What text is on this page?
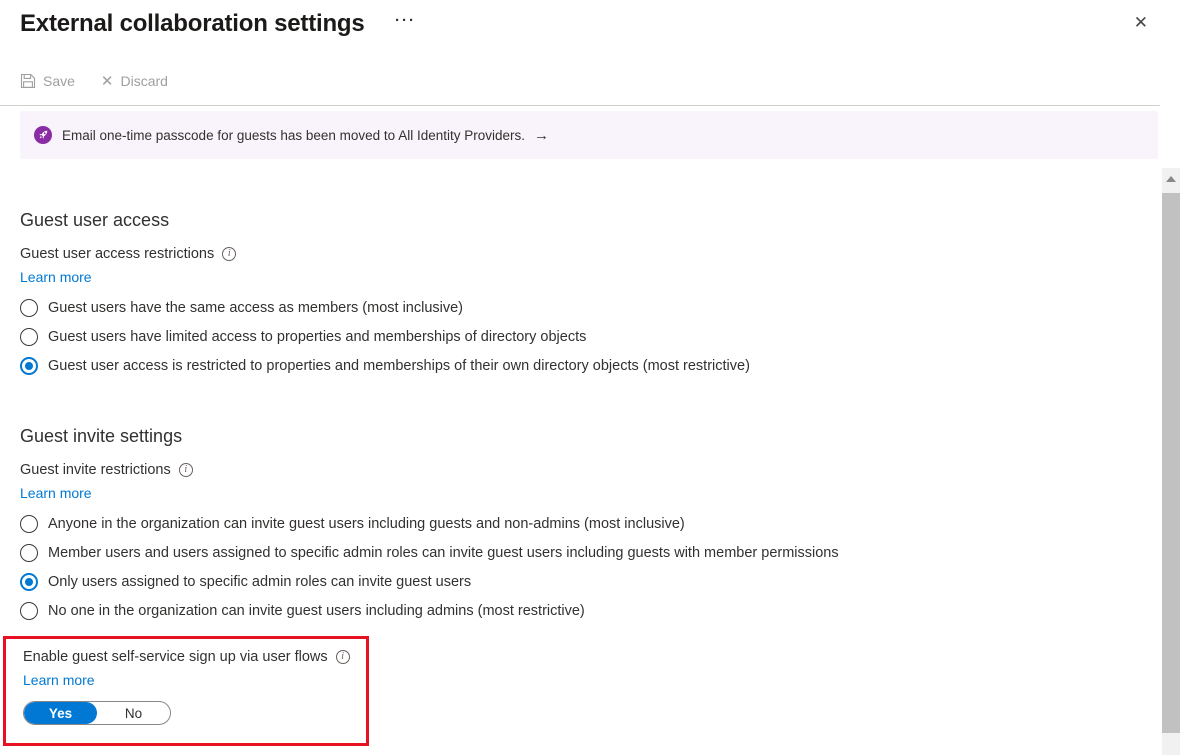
External collaboration settings ···	✕
Save ✕ Discard
Email one-time passcode for guests has been moved to All Identity Providers. →
Guest user access
Guest user access restrictions	i
Learn more
Guest users have the same access as members (most inclusive)
Guest users have limited access to properties and memberships of directory objects
Guest user access is restricted to properties and memberships of their own directory objects (most restrictive)
Guest invite settings
Guest invite restrictions	i
Learn more
Anyone in the organization can invite guest users including guests and non-admins (most inclusive)
Member users and users assigned to specific admin roles can invite guest users including guests with member permissions
Only users assigned to specific admin roles can invite guest users
No one in the organization can invite guest users including admins (most restrictive)
Enable guest self-service sign up via user flows	i
Learn more
Yes	No
